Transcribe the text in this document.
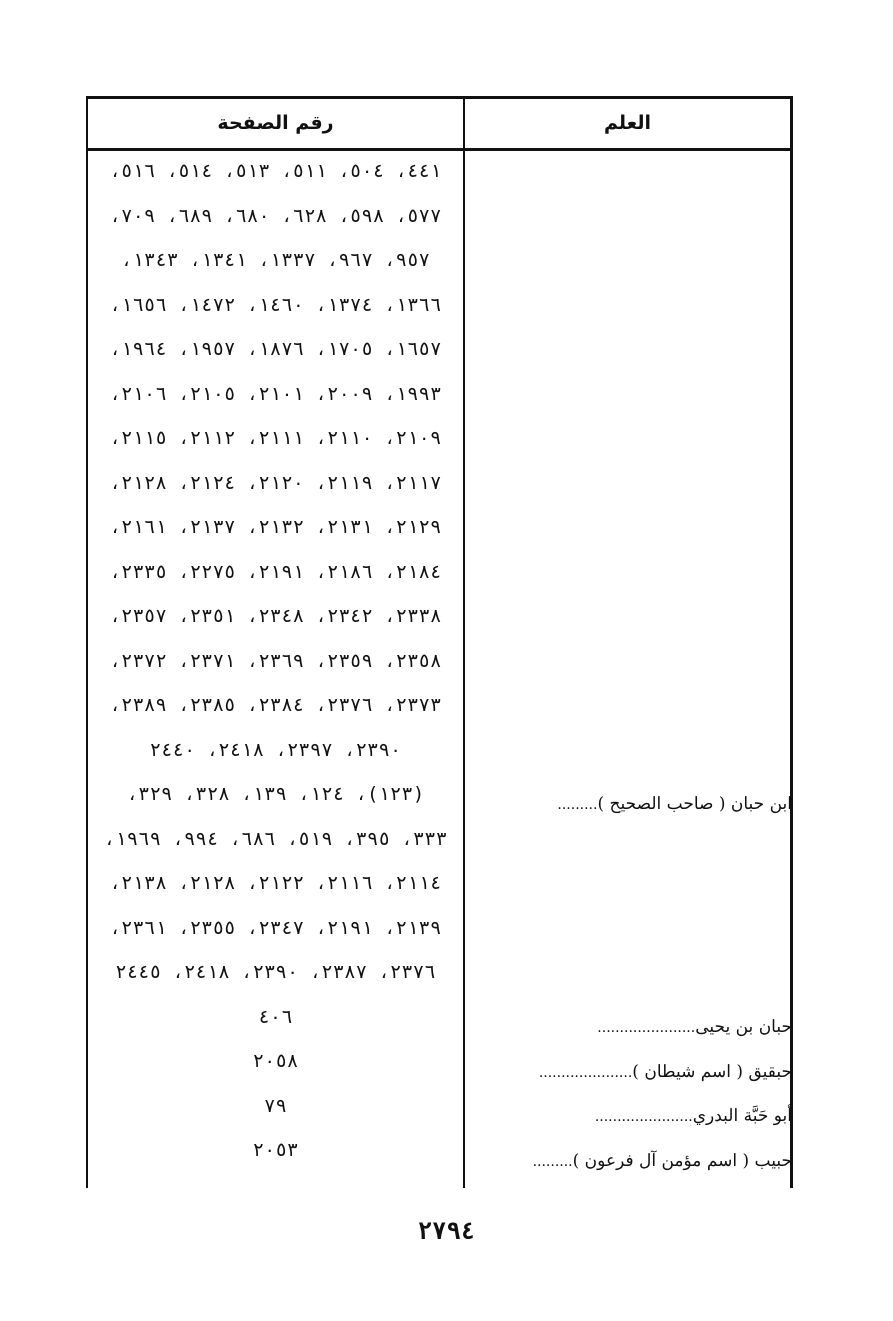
رقم الصفحة	العلم
٤٤١، ٥٠٤، ٥١١، ٥١٣، ٥١٤، ٥١٦،
٥٧٧، ٥٩٨، ٦٢٨، ٦٨٠، ٦٨٩، ٧٠٩،
٩٥٧، ٩٦٧، ١٣٣٧، ١٣٤١، ١٣٤٣،
١٣٦٦، ١٣٧٤، ١٤٦٠، ١٤٧٢، ١٦٥٦،
١٦٥٧، ١٧٠٥، ١٨٧٦، ١٩٥٧، ١٩٦٤،
١٩٩٣، ٢٠٠٩، ٢١٠١، ٢١٠٥، ٢١٠٦،
٢١٠٩، ٢١١٠، ٢١١١، ٢١١٢، ٢١١٥،
٢١١٧، ٢١١٩، ٢١٢٠، ٢١٢٤، ٢١٢٨،
٢١٢٩، ٢١٣١، ٢١٣٢، ٢١٣٧، ٢١٦١،
٢١٨٤، ٢١٨٦، ٢١٩١، ٢٢٧٥، ٢٣٣٥،
٢٣٣٨، ٢٣٤٢، ٢٣٤٨، ٢٣٥١، ٢٣٥٧،
٢٣٥٨، ٢٣٥٩، ٢٣٦٩، ٢٣٧١، ٢٣٧٢،
٢٣٧٣، ٢٣٧٦، ٢٣٨٤، ٢٣٨٥، ٢٣٨٩،
٢٣٩٠، ٢٣٩٧، ٢٤١٨، ٢٤٤٠
(١٢٣)، ١٢٤، ١٣٩، ٣٢٨، ٣٢٩،
٣٣٣، ٣٩٥، ٥١٩، ٦٨٦، ٩٩٤، ١٩٦٩،
٢١١٤، ٢١١٦، ٢١٢٢، ٢١٢٨، ٢١٣٨،
٢١٣٩، ٢١٩١، ٢٣٤٧، ٢٣٥٥، ٢٣٦١،
٢٣٧٦، ٢٣٨٧، ٢٣٩٠، ٢٤١٨، ٢٤٤٥
٤٠٦
٢٠٥٨
٧٩
٢٠٥٣
ابن حبان ( صاحب الصحيح ).........
حبان بن يحيى......................
حبقيق ( اسم شيطان ).....................
أبو حَبَّة البدري......................
حبيب ( اسم مؤمن آل فرعون ).........
٢٧٩٤
